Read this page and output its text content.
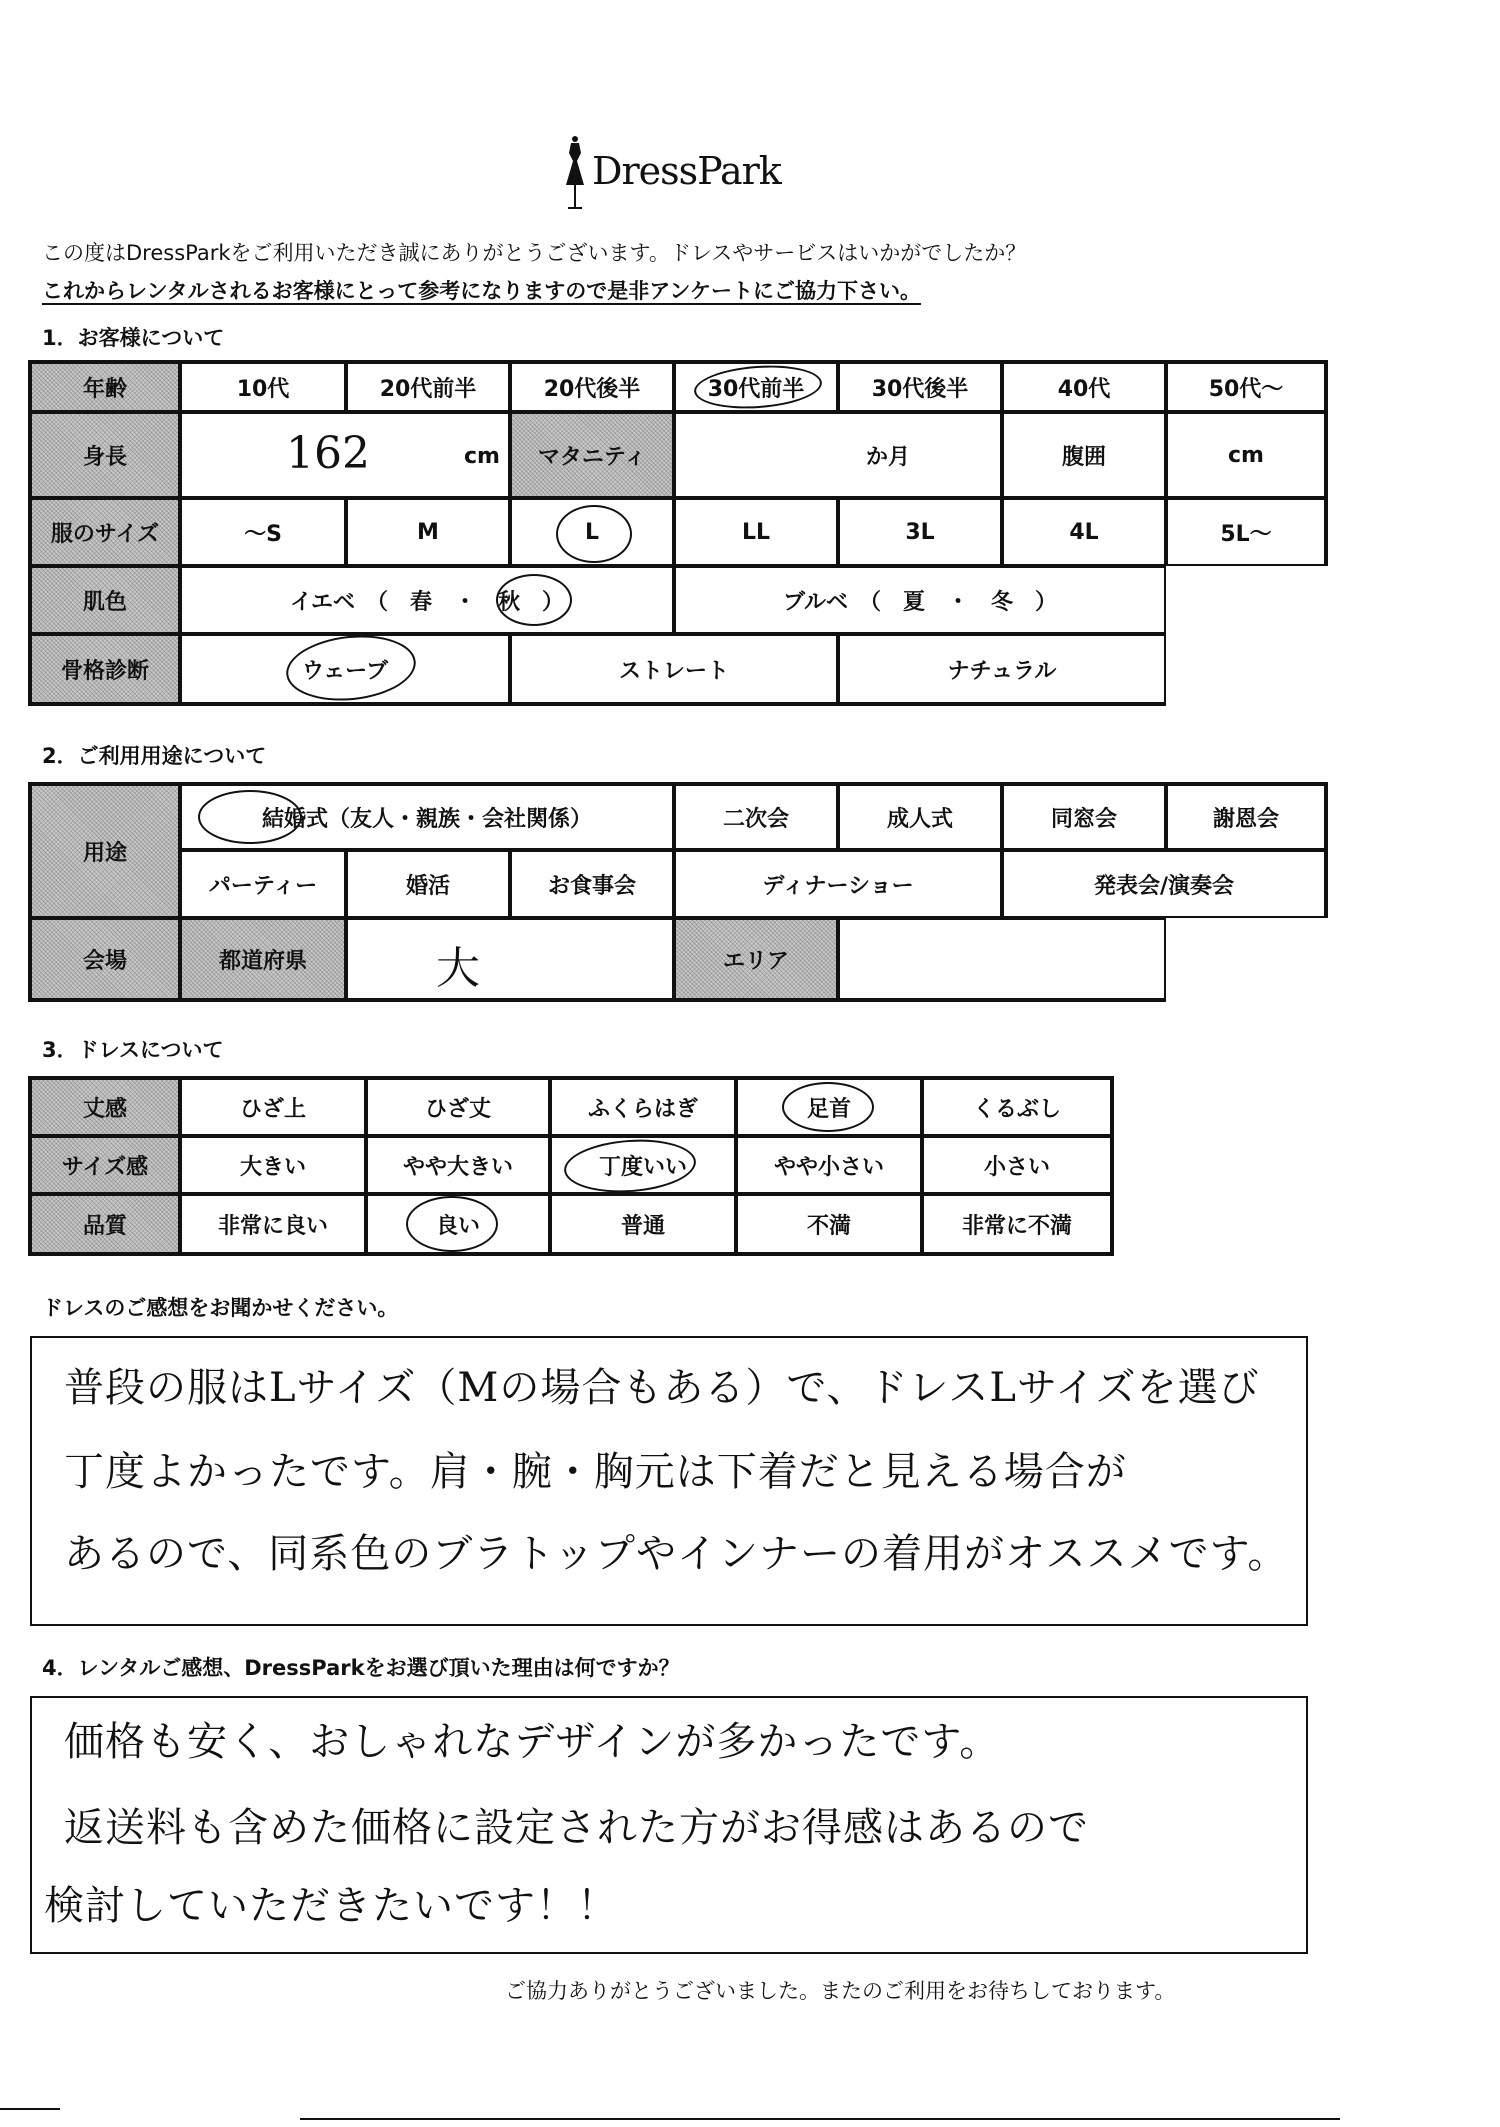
DressPark
この度はDressParkをご利用いただき誠にありがとうございます。ドレスやサービスはいかがでしたか？
これからレンタルされるお客様にとって参考になりますので是非アンケートにご協力下さい。
1．お客様について
年齢	10代	20代前半	20代後半	30代前半	30代後半	40代	50代〜
身長	162	cm	マタニティ	か月	腹囲	cm
服のサイズ	〜S	M	L	LL	3L	4L	5L〜
肌色	イエベ　（　春　・　秋　）	ブルベ　（　夏　・　冬　）
骨格診断	ウェーブ	ストレート	ナチュラル
2．ご利用用途について
用途
結婚式（友人・親族・会社関係）	二次会	成人式	同窓会	謝恩会
パーティー	婚活	お食事会	ディナーショー	発表会/演奏会
会場	都道府県	大	エリア
3．ドレスについて
丈感	ひざ上	ひざ丈	ふくらはぎ	足首	くるぶし
サイズ感	大きい	やや大きい	丁度いい	やや小さい	小さい
品質	非常に良い	良い	普通	不満	非常に不満
ドレスのご感想をお聞かせください。
普段の服はLサイズ（Mの場合もある）で、ドレスLサイズを選び
丁度よかったです。肩・腕・胸元は下着だと見える場合が
あるので、同系色のブラトップやインナーの着用がオススメです。
4．レンタルご感想、DressParkをお選び頂いた理由は何ですか？
価格も安く、おしゃれなデザインが多かったです。
返送料も含めた価格に設定された方がお得感はあるので
検討していただきたいです！！
ご協力ありがとうございました。またのご利用をお待ちしております。
